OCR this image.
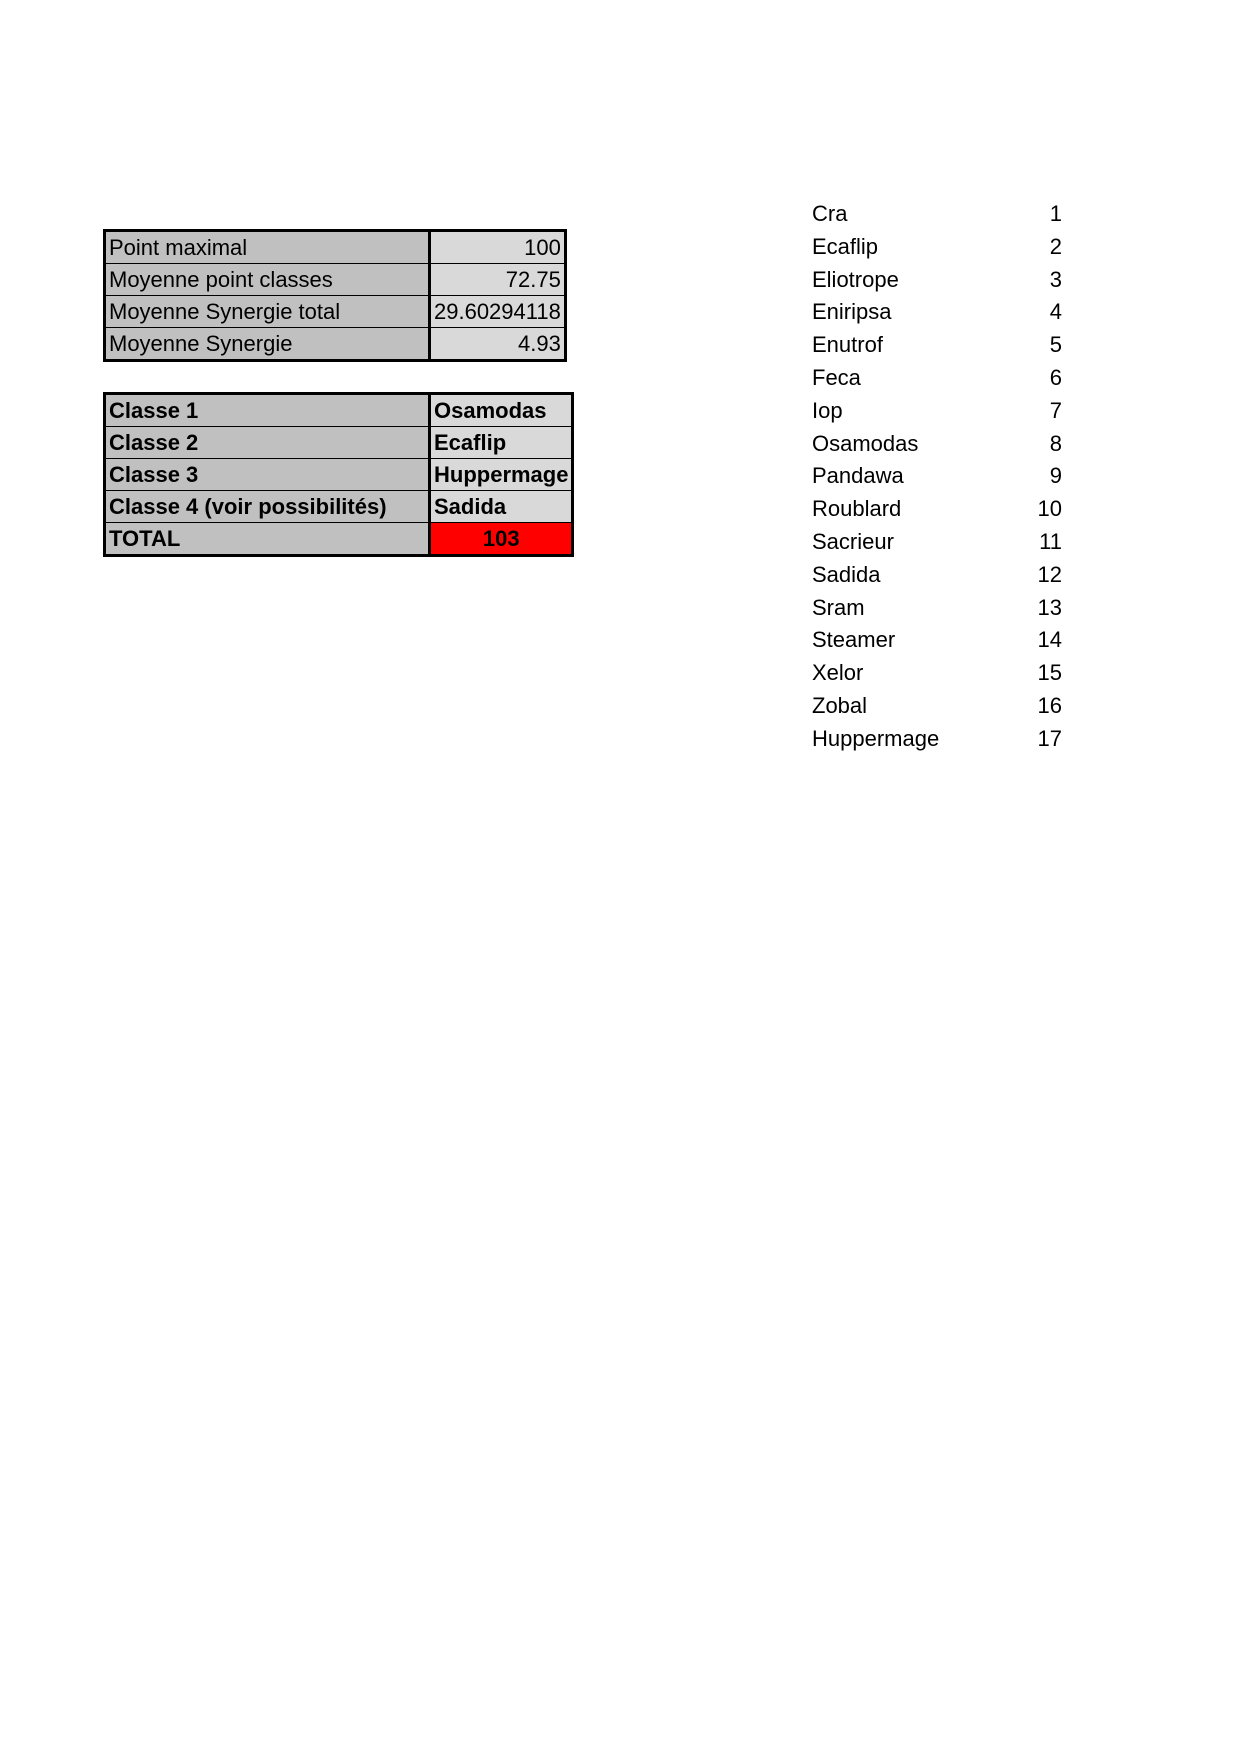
Point maximal	100
Moyenne point classes	72.75
Moyenne Synergie total	29.60294118
Moyenne Synergie	4.93
Classe 1	Osamodas
Classe 2	Ecaflip
Classe 3	Huppermage
Classe 4 (voir possibilités)	Sadida
TOTAL	103
Cra	1
Ecaflip	2
Eliotrope	3
Eniripsa	4
Enutrof	5
Feca	6
Iop	7
Osamodas	8
Pandawa	9
Roublard	10
Sacrieur	11
Sadida	12
Sram	13
Steamer	14
Xelor	15
Zobal	16
Huppermage	17
